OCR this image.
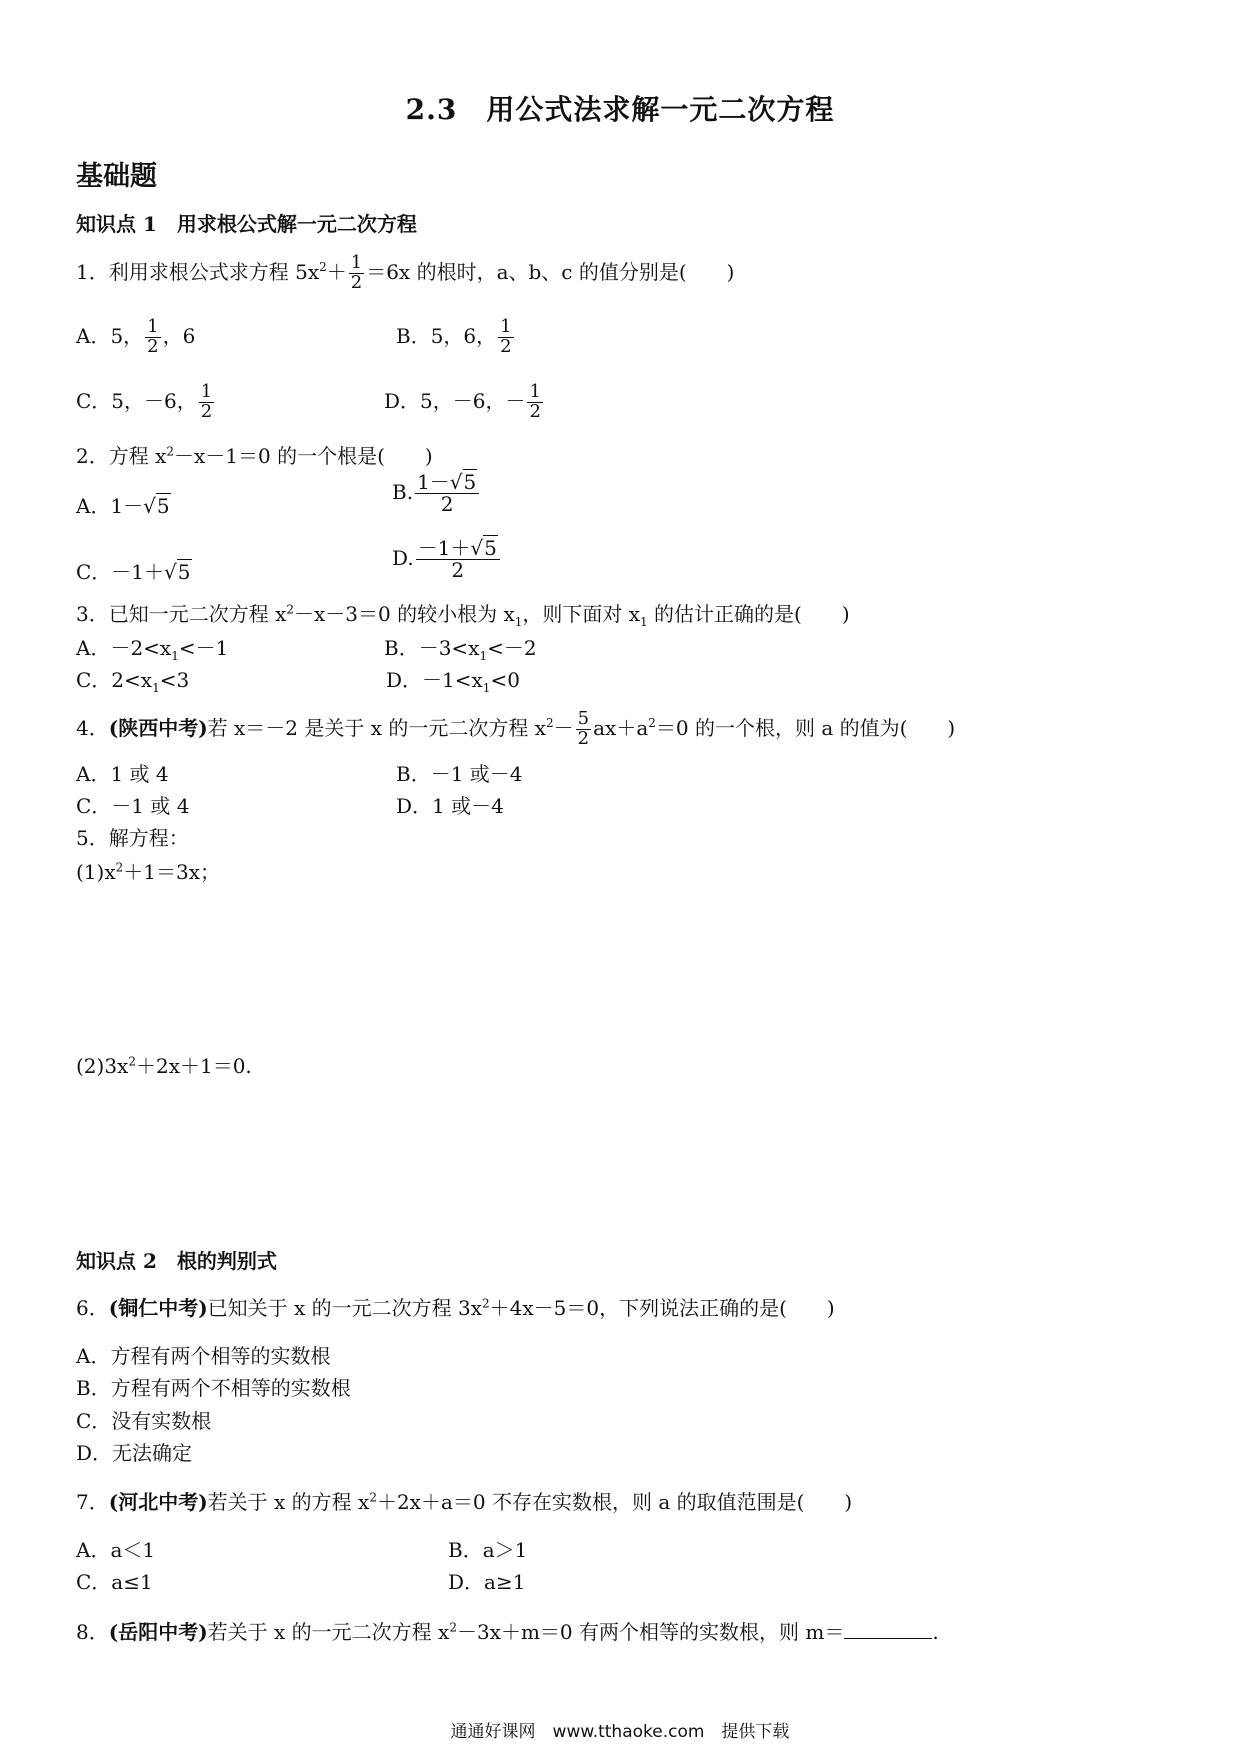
2.3　用公式法求解一元二次方程
基础题
知识点 1　用求根公式解一元二次方程
1．利用求根公式求方程 $5x^2+ \frac{1}{2} =6x$ 的根时，a、b、c 的值分别是(　　)
A．5， $\frac{1}{2}$ ，6	B．5，6， $\frac{1}{2}$
C．5，－6， $\frac{1}{2}$	D．5，－6，－ $\frac{1}{2}$
2．方程 $x^2-x-1=0$ 的一个根是(　　)
A．1－√5
B. $\frac{1-√5}{2}$
C．－1＋√5
D. $\frac{-1+√5}{2}$
3．已知一元二次方程 $x^2-x-3=0$ 的较小根为 $x_1$，则下面对 $x_1$ 的估计正确的是(　　)
A．$-2<x_1<-1$	B．$-3<x_1<-2$
C．$2<x_1<3$	D．$-1<x_1<0$
4．(陕西中考)若 x＝－2 是关于 x 的一元二次方程 $x^2- \frac{5}{2} ax+a^2=0$ 的一个根，则 a 的值为(　　)
A．1 或 4	B．－1 或－4
C．－1 或 4	D．1 或－4
5．解方程：
$(1)x^2+1=3x$；
$(2)3x^2+2x+1=0$.
知识点 2　根的判别式
6．(铜仁中考)已知关于 x 的一元二次方程 $3x^2+4x-5=0$，下列说法正确的是(　　)
A．方程有两个相等的实数根
B．方程有两个不相等的实数根
C．没有实数根
D．无法确定
7．(河北中考)若关于 x 的方程 $x^2+2x+a=0$ 不存在实数根，则 a 的取值范围是(　　)
A．a＜1	B．a＞1
C．a≤1	D．a≥1
8．(岳阳中考)若关于 x 的一元二次方程 $x^2-3x+m=0$ 有两个相等的实数根，则 m＝	.
通通好课网　www.tthaoke.com　提供下载
